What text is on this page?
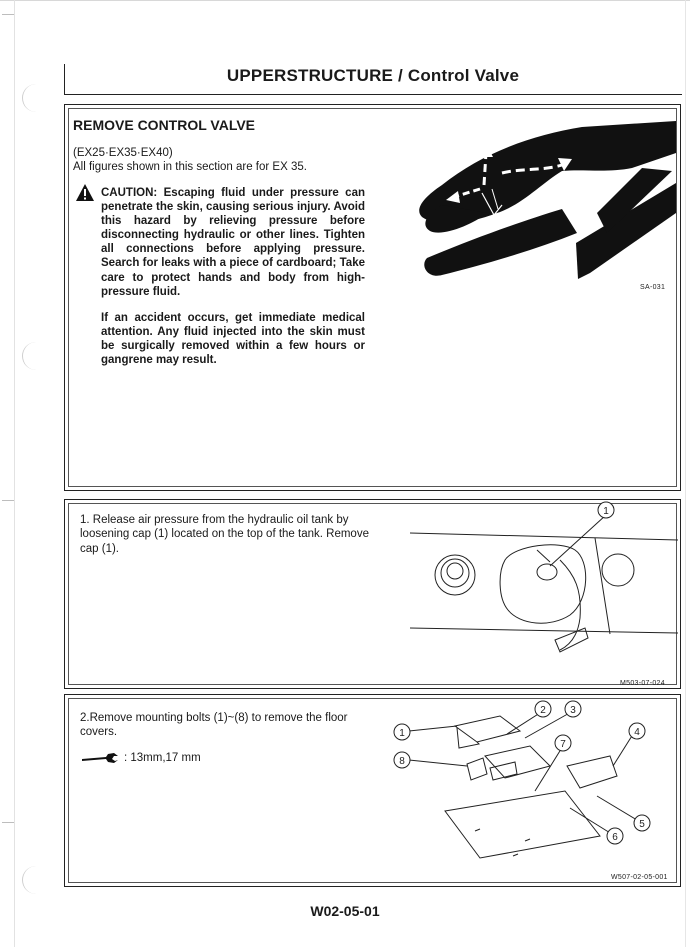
UPPERSTRUCTURE / Control Valve
REMOVE CONTROL VALVE
(EX25·EX35·EX40)
All figures shown in this section are for EX 35.
CAUTION: Escaping fluid under pressure can penetrate the skin, causing serious injury. Avoid this hazard by relieving pressure before disconnecting hydraulic or other lines. Tighten all connections before applying pressure. Search for leaks with a piece of cardboard; Take care to protect hands and body from high-pressure fluid.
If an accident occurs, get immediate medical attention. Any fluid injected into the skin must be surgically removed within a few hours or gangrene may result.
SA-031
1. Release air pressure from the hydraulic oil tank by loosening cap (1) located on the top of the tank. Remove cap (1).
1
M503-07-024
2.Remove mounting bolts (1)~(8) to remove the floor covers.
: 13mm,17 mm
1
2 3
4
5
6
7
8
W507-02-05-001
W02-05-01
